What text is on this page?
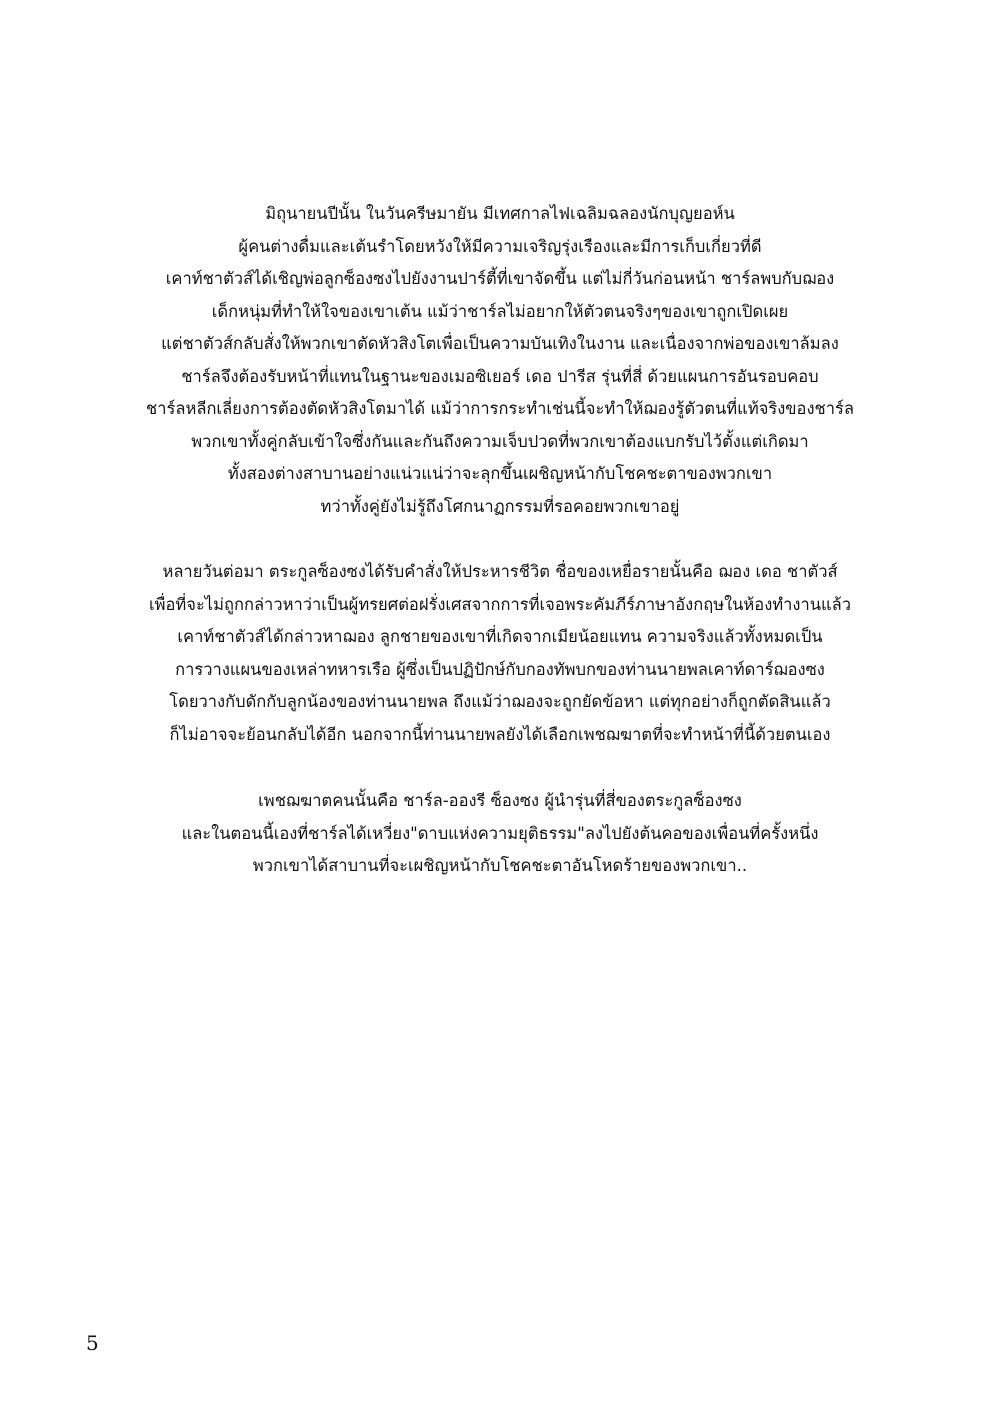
มิถุนายนปีนั้น ในวันครีษมายัน มีเทศกาลไฟเฉลิมฉลองนักบุญยอห์น
ผู้คนต่างดื่มและเต้นรำโดยหวังให้มีความเจริญรุ่งเรืองและมีการเก็บเกี่ยวที่ดี
เคาท์ชาตัวส์ได้เชิญพ่อลูกซ็องซงไปยังงานปาร์ตี้ที่เขาจัดขึ้น แต่ไม่กี่วันก่อนหน้า ชาร์ลพบกับฌอง
เด็กหนุ่มที่ทำให้ใจของเขาเต้น แม้ว่าชาร์ลไม่อยากให้ตัวตนจริงๆของเขาถูกเปิดเผย
แต่ชาตัวส์กลับสั่งให้พวกเขาตัดหัวสิงโตเพื่อเป็นความบันเทิงในงาน และเนื่องจากพ่อของเขาล้มลง
ชาร์ลจึงต้องรับหน้าที่แทนในฐานะของเมอซิเยอร์ เดอ ปารีส รุ่นที่สี่ ด้วยแผนการอันรอบคอบ
ชาร์ลหลีกเลี่ยงการต้องตัดหัวสิงโตมาได้ แม้ว่าการกระทำเช่นนี้จะทำให้ฌองรู้ตัวตนที่แท้จริงของชาร์ล
พวกเขาทั้งคู่กลับเข้าใจซึ่งกันและกันถึงความเจ็บปวดที่พวกเขาต้องแบกรับไว้ตั้งแต่เกิดมา
ทั้งสองต่างสาบานอย่างแน่วแน่ว่าจะลุกขึ้นเผชิญหน้ากับโชคชะตาของพวกเขา
ทว่าทั้งคู่ยังไม่รู้ถึงโศกนาฏกรรมที่รอคอยพวกเขาอยู่

หลายวันต่อมา ตระกูลซ็องซงได้รับคำสั่งให้ประหารชีวิต ชื่อของเหยื่อรายนั้นคือ ฌอง เดอ ชาตัวส์
เพื่อที่จะไม่ถูกกล่าวหาว่าเป็นผู้ทรยศต่อฝรั่งเศสจากการที่เจอพระคัมภีร์ภาษาอังกฤษในห้องทำงานแล้ว
เคาท์ชาตัวส์ได้กล่าวหาฌอง ลูกชายของเขาที่เกิดจากเมียน้อยแทน ความจริงแล้วทั้งหมดเป็น
การวางแผนของเหล่าทหารเรือ ผู้ซึ่งเป็นปฏิปักษ์กับกองทัพบกของท่านนายพลเคาท์ดาร์ฌองซง
โดยวางกับดักกับลูกน้องของท่านนายพล ถึงแม้ว่าฌองจะถูกยัดข้อหา แต่ทุกอย่างก็ถูกตัดสินแล้ว
ก็ไม่อาจจะย้อนกลับได้อีก นอกจากนี้ท่านนายพลยังได้เลือกเพชฌฆาตที่จะทำหน้าที่นี้ด้วยตนเอง

เพชฌฆาตคนนั้นคือ ชาร์ล-อองรี ซ็องซง ผู้นำรุ่นที่สี่ของตระกูลซ็องซง
และในตอนนี้เองที่ชาร์ลได้เหวี่ยง"ดาบแห่งความยุติธรรม"ลงไปยังต้นคอของเพื่อนที่ครั้งหนึ่ง
พวกเขาได้สาบานที่จะเผชิญหน้ากับโชคชะตาอันโหดร้ายของพวกเขา..

5
